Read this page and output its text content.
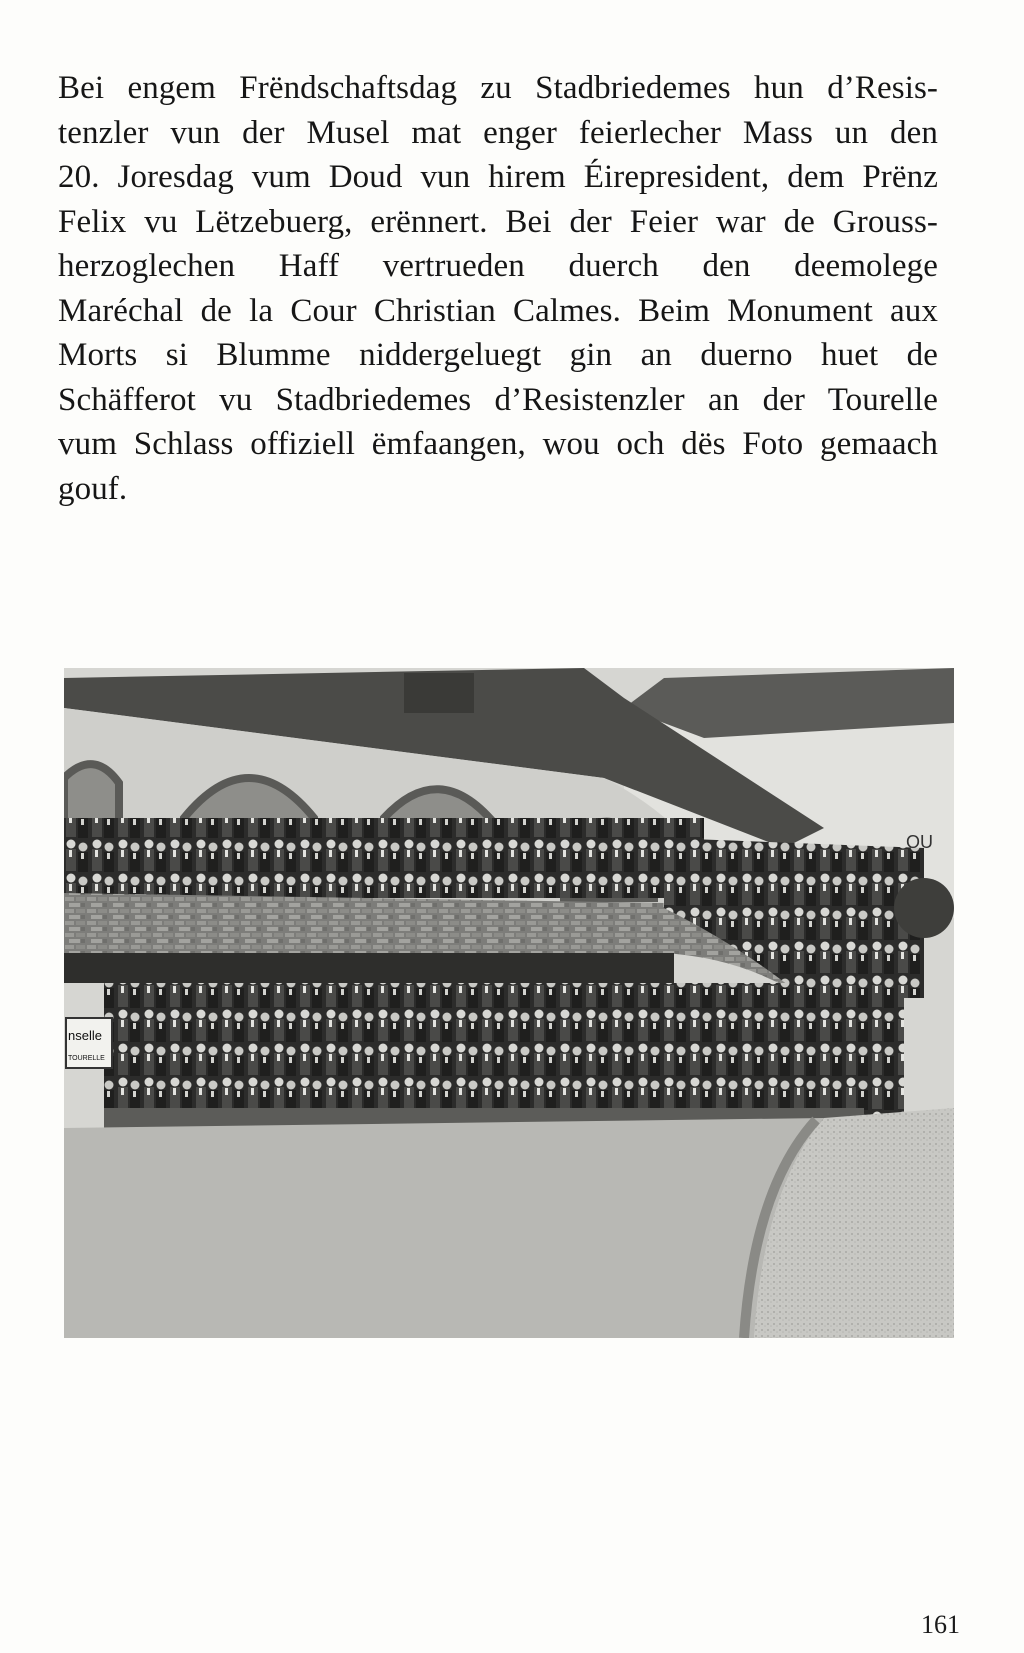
Bei engem Frëndschaftsdag zu Stadbriedemes hun d’Resis-
tenzler vun der Musel mat enger feierlecher Mass un den
20. Joresdag vum Doud vun hirem Éirepresident, dem Prënz
Felix vu Lëtzebuerg, erënnert. Bei der Feier war de Grouss-
herzoglechen Haff vertrueden duerch den deemolege
Maréchal de la Cour Christian Calmes. Beim Monument aux
Morts si Blumme niddergeluegt gin an duerno huet de
Schäfferot vu Stadbriedemes d’Resistenzler an der Tourelle
vum Schlass offiziell ëmfaangen, wou och dës Foto gemaach
gouf.
nselle
TOURELLE
OU
161
